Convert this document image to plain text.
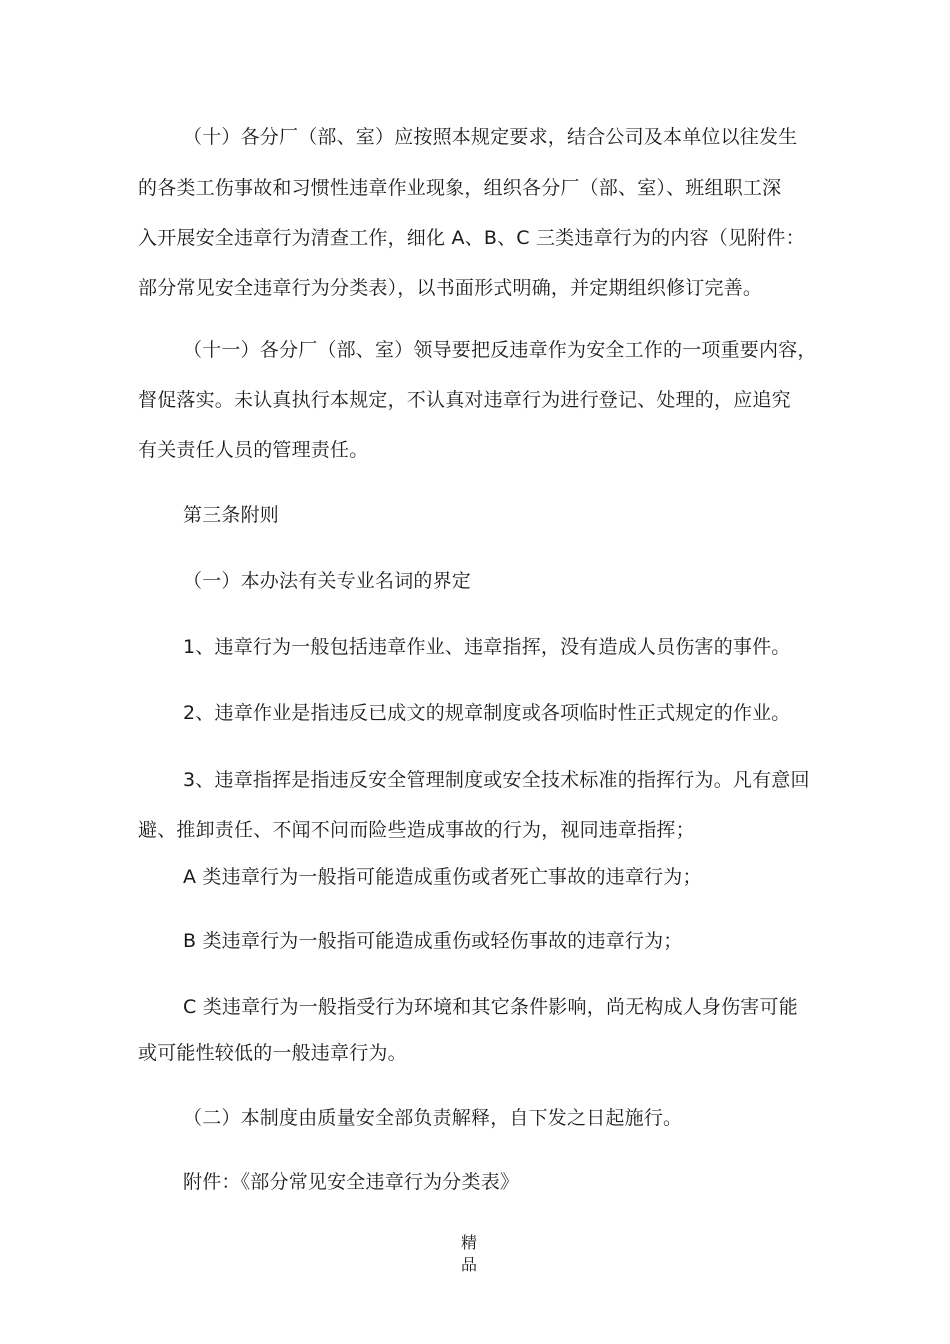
（十）各分厂（部、室）应按照本规定要求，结合公司及本单位以往发生
的各类工伤事故和习惯性违章作业现象，组织各分厂（部、室）、班组职工深
入开展安全违章行为清查工作，细化 A、B、C 三类违章行为的内容（见附件：
部分常见安全违章行为分类表），以书面形式明确，并定期组织修订完善。
（十一）各分厂（部、室）领导要把反违章作为安全工作的一项重要内容，
督促落实。未认真执行本规定，不认真对违章行为进行登记、处理的，应追究
有关责任人员的管理责任。
第三条附则
（一）本办法有关专业名词的界定
1、违章行为一般包括违章作业、违章指挥，没有造成人员伤害的事件。
2、违章作业是指违反已成文的规章制度或各项临时性正式规定的作业。
3、违章指挥是指违反安全管理制度或安全技术标准的指挥行为。凡有意回
避、推卸责任、不闻不问而险些造成事故的行为，视同违章指挥；
A 类违章行为一般指可能造成重伤或者死亡事故的违章行为；
B 类违章行为一般指可能造成重伤或轻伤事故的违章行为；
C 类违章行为一般指受行为环境和其它条件影响，尚无构成人身伤害可能
或可能性较低的一般违章行为。
（二）本制度由质量安全部负责解释，自下发之日起施行。
附件：《部分常见安全违章行为分类表》
精
品
